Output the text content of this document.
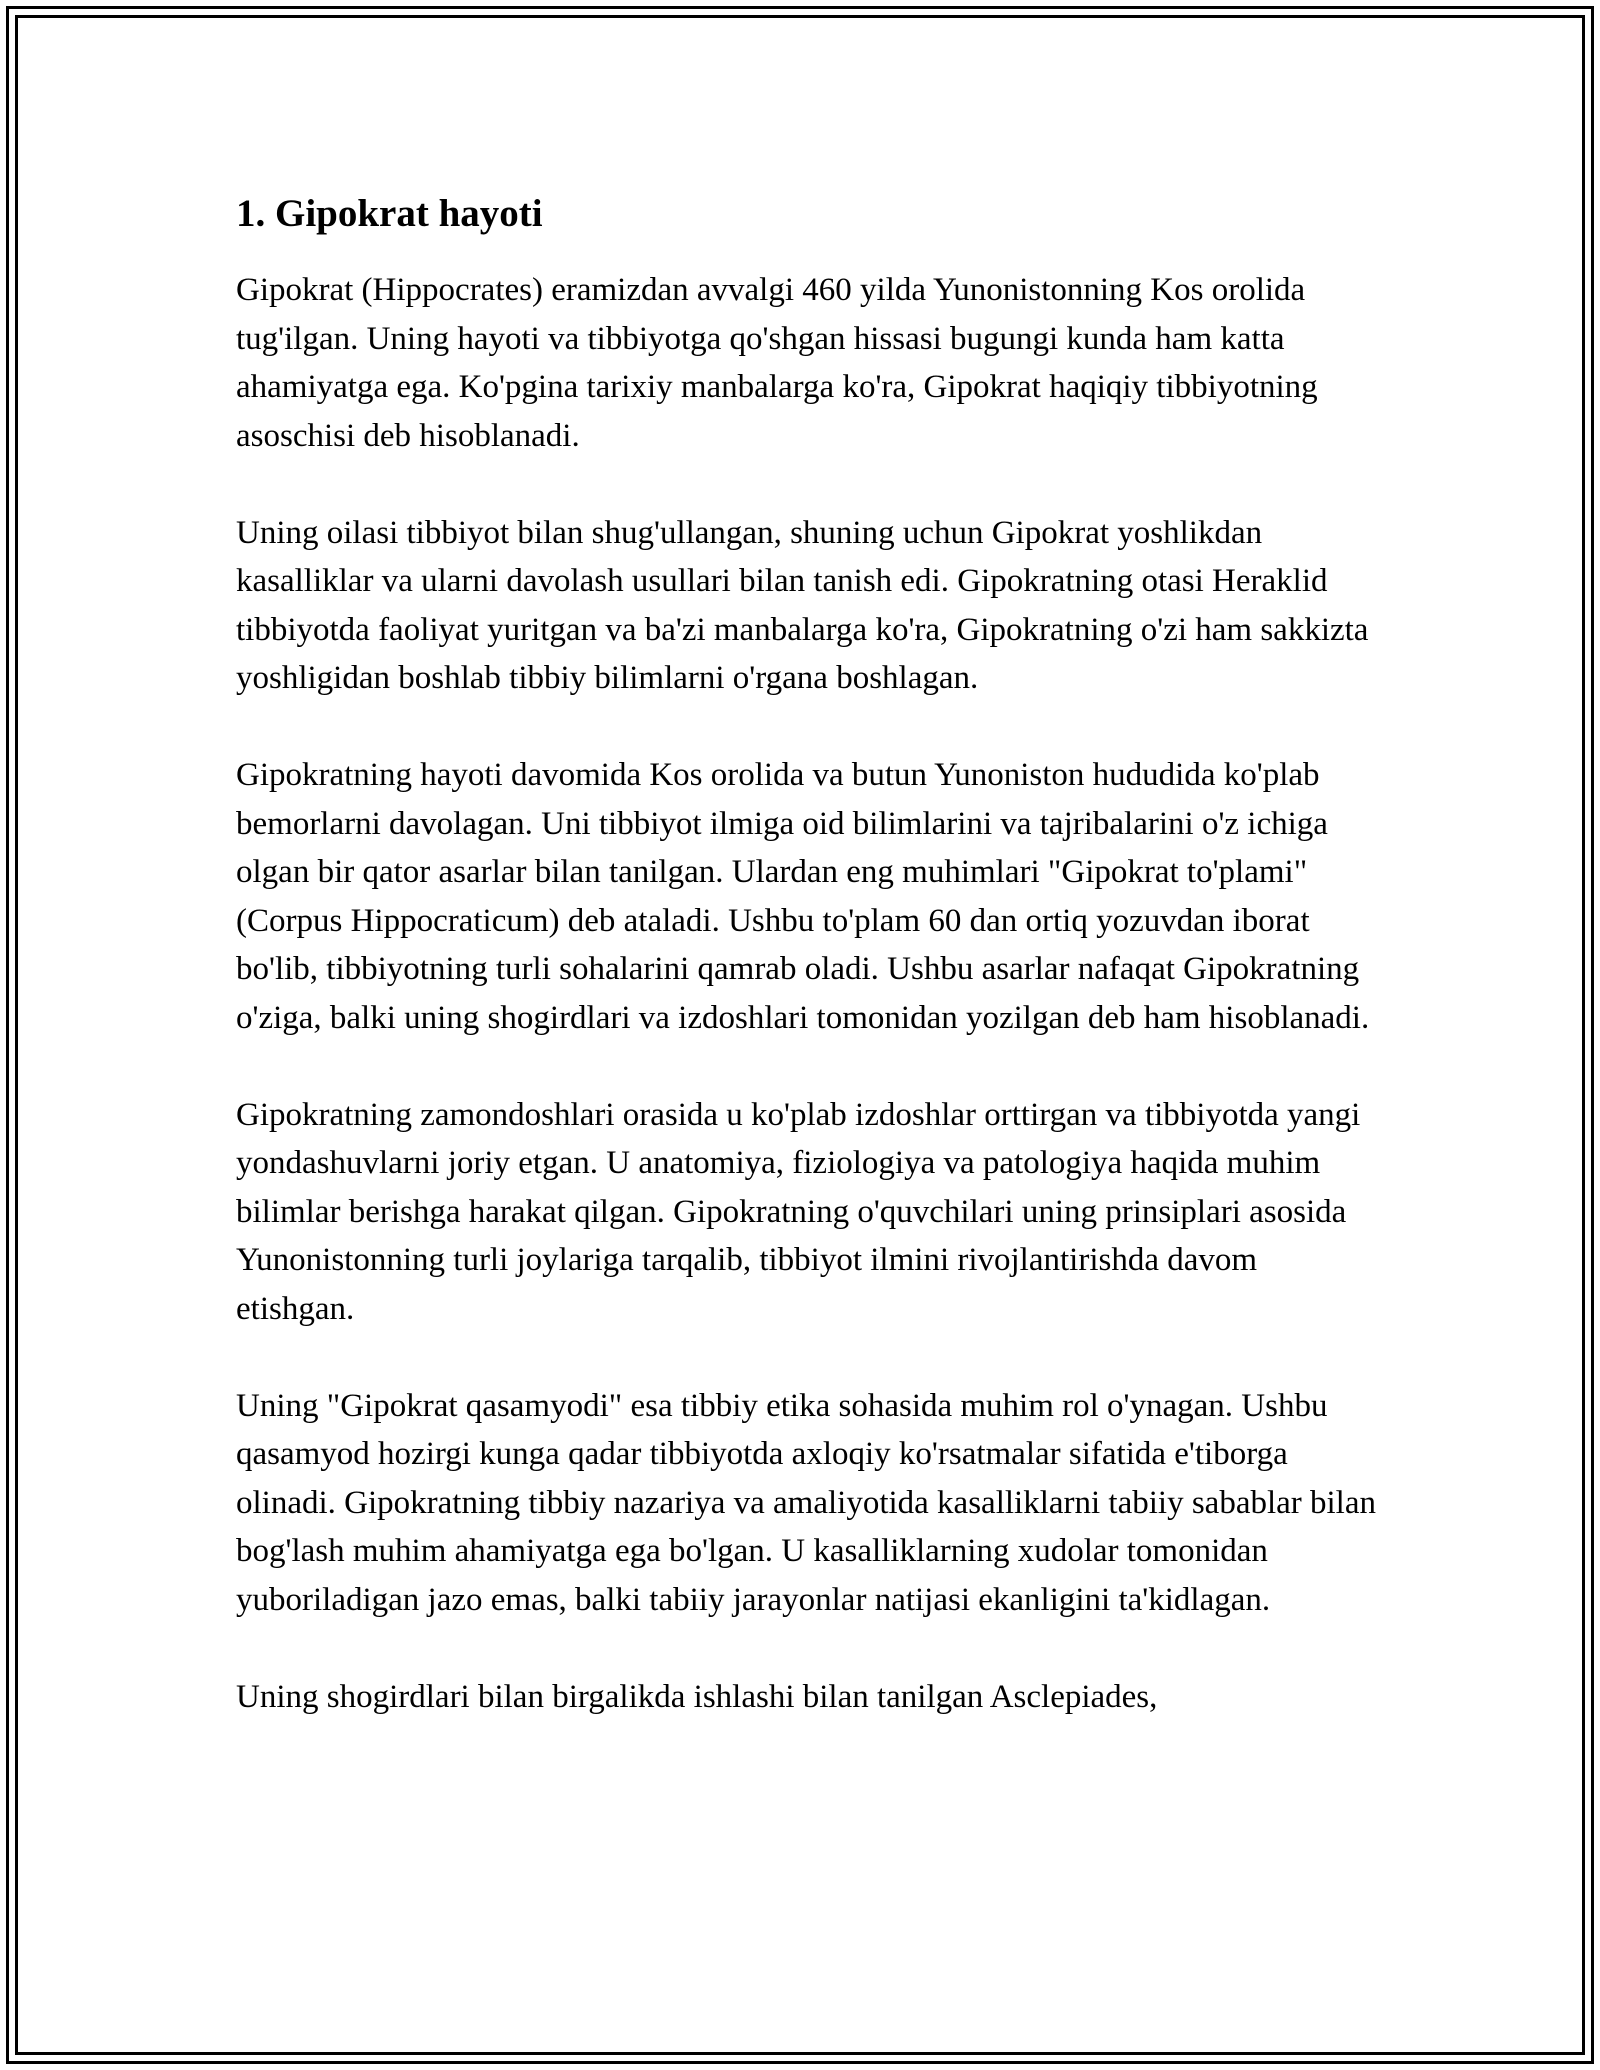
1. Gipokrat hayoti

Gipokrat (Hippocrates) eramizdan avvalgi 460 yilda Yunonistonning Kos orolida tug'ilgan. Uning hayoti va tibbiyotga qo'shgan hissasi bugungi kunda ham katta ahamiyatga ega. Ko'pgina tarixiy manbalarga ko'ra, Gipokrat haqiqiy tibbiyotning asoschisi deb hisoblanadi.

Uning oilasi tibbiyot bilan shug'ullangan, shuning uchun Gipokrat yoshlikdan kasalliklar va ularni davolash usullari bilan tanish edi. Gipokratning otasi Heraklid tibbiyotda faoliyat yuritgan va ba'zi manbalarga ko'ra, Gipokratning o'zi ham sakkizta yoshligidan boshlab tibbiy bilimlarni o'rgana boshlagan.

Gipokratning hayoti davomida Kos orolida va butun Yunoniston hududida ko'plab bemorlarni davolagan. Uni tibbiyot ilmiga oid bilimlarini va tajribalarini o'z ichiga olgan bir qator asarlar bilan tanilgan. Ulardan eng muhimlari "Gipokrat to'plami" (Corpus Hippocraticum) deb ataladi. Ushbu to'plam 60 dan ortiq yozuvdan iborat bo'lib, tibbiyotning turli sohalarini qamrab oladi. Ushbu asarlar nafaqat Gipokratning o'ziga, balki uning shogirdlari va izdoshlari tomonidan yozilgan deb ham hisoblanadi.

Gipokratning zamondoshlari orasida u ko'plab izdoshlar orttirgan va tibbiyotda yangi yondashuvlarni joriy etgan. U anatomiya, fiziologiya va patologiya haqida muhim bilimlar berishga harakat qilgan. Gipokratning o'quvchilari uning prinsiplari asosida Yunonistonning turli joylariga tarqalib, tibbiyot ilmini rivojlantirishda davom etishgan.

Uning "Gipokrat qasamyodi" esa tibbiy etika sohasida muhim rol o'ynagan. Ushbu qasamyod hozirgi kunga qadar tibbiyotda axloqiy ko'rsatmalar sifatida e'tiborga olinadi. Gipokratning tibbiy nazariya va amaliyotida kasalliklarni tabiiy sabablar bilan bog'lash muhim ahamiyatga ega bo'lgan. U kasalliklarning xudolar tomonidan yuboriladigan jazo emas, balki tabiiy jarayonlar natijasi ekanligini ta'kidlagan.

Uning shogirdlari bilan birgalikda ishlashi bilan tanilgan Asclepiades,
